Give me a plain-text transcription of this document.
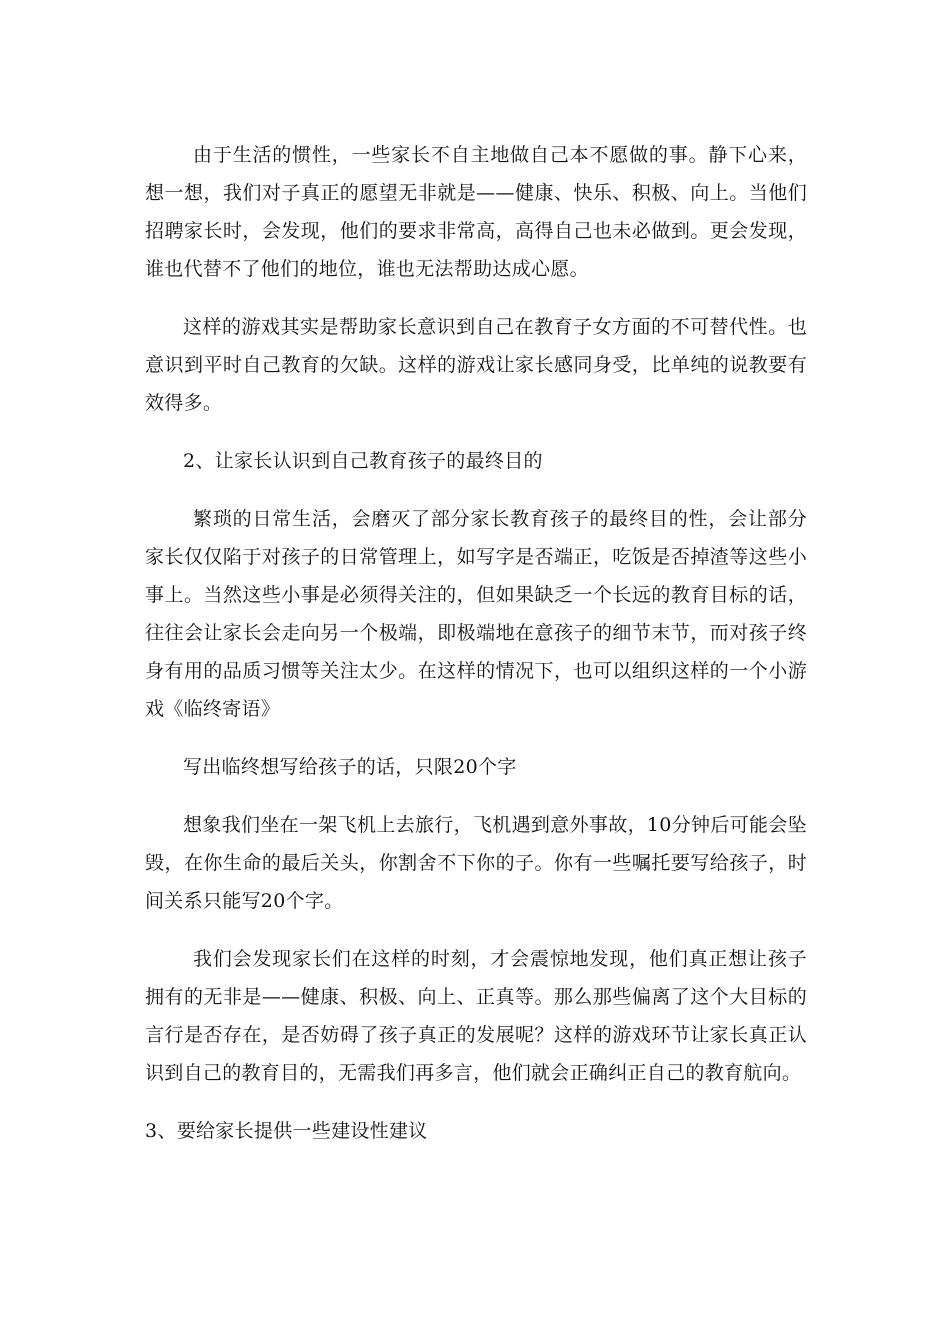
由于生活的惯性，一些家长不自主地做自己本不愿做的事。静下心来，想一想，我们对子真正的愿望无非就是——健康、快乐、积极、向上。当他们招聘家长时，会发现，他们的要求非常高，高得自己也未必做到。更会发现，谁也代替不了他们的地位，谁也无法帮助达成心愿。

这样的游戏其实是帮助家长意识到自己在教育子女方面的不可替代性。也意识到平时自己教育的欠缺。这样的游戏让家长感同身受，比单纯的说教要有效得多。

2、让家长认识到自己教育孩子的最终目的

繁琐的日常生活，会磨灭了部分家长教育孩子的最终目的性，会让部分家长仅仅陷于对孩子的日常管理上，如写字是否端正，吃饭是否掉渣等这些小事上。当然这些小事是必须得关注的，但如果缺乏一个长远的教育目标的话，往往会让家长会走向另一个极端，即极端地在意孩子的细节末节，而对孩子终身有用的品质习惯等关注太少。在这样的情况下，也可以组织这样的一个小游戏《临终寄语》

写出临终想写给孩子的话，只限20个字

想象我们坐在一架飞机上去旅行，飞机遇到意外事故，10分钟后可能会坠毁，在你生命的最后关头，你割舍不下你的子。你有一些嘱托要写给孩子，时间关系只能写20个字。

我们会发现家长们在这样的时刻，才会震惊地发现，他们真正想让孩子拥有的无非是——健康、积极、向上、正真等。那么那些偏离了这个大目标的言行是否存在，是否妨碍了孩子真正的发展呢？这样的游戏环节让家长真正认识到自己的教育目的，无需我们再多言，他们就会正确纠正自己的教育航向。

3、要给家长提供一些建设性建议
